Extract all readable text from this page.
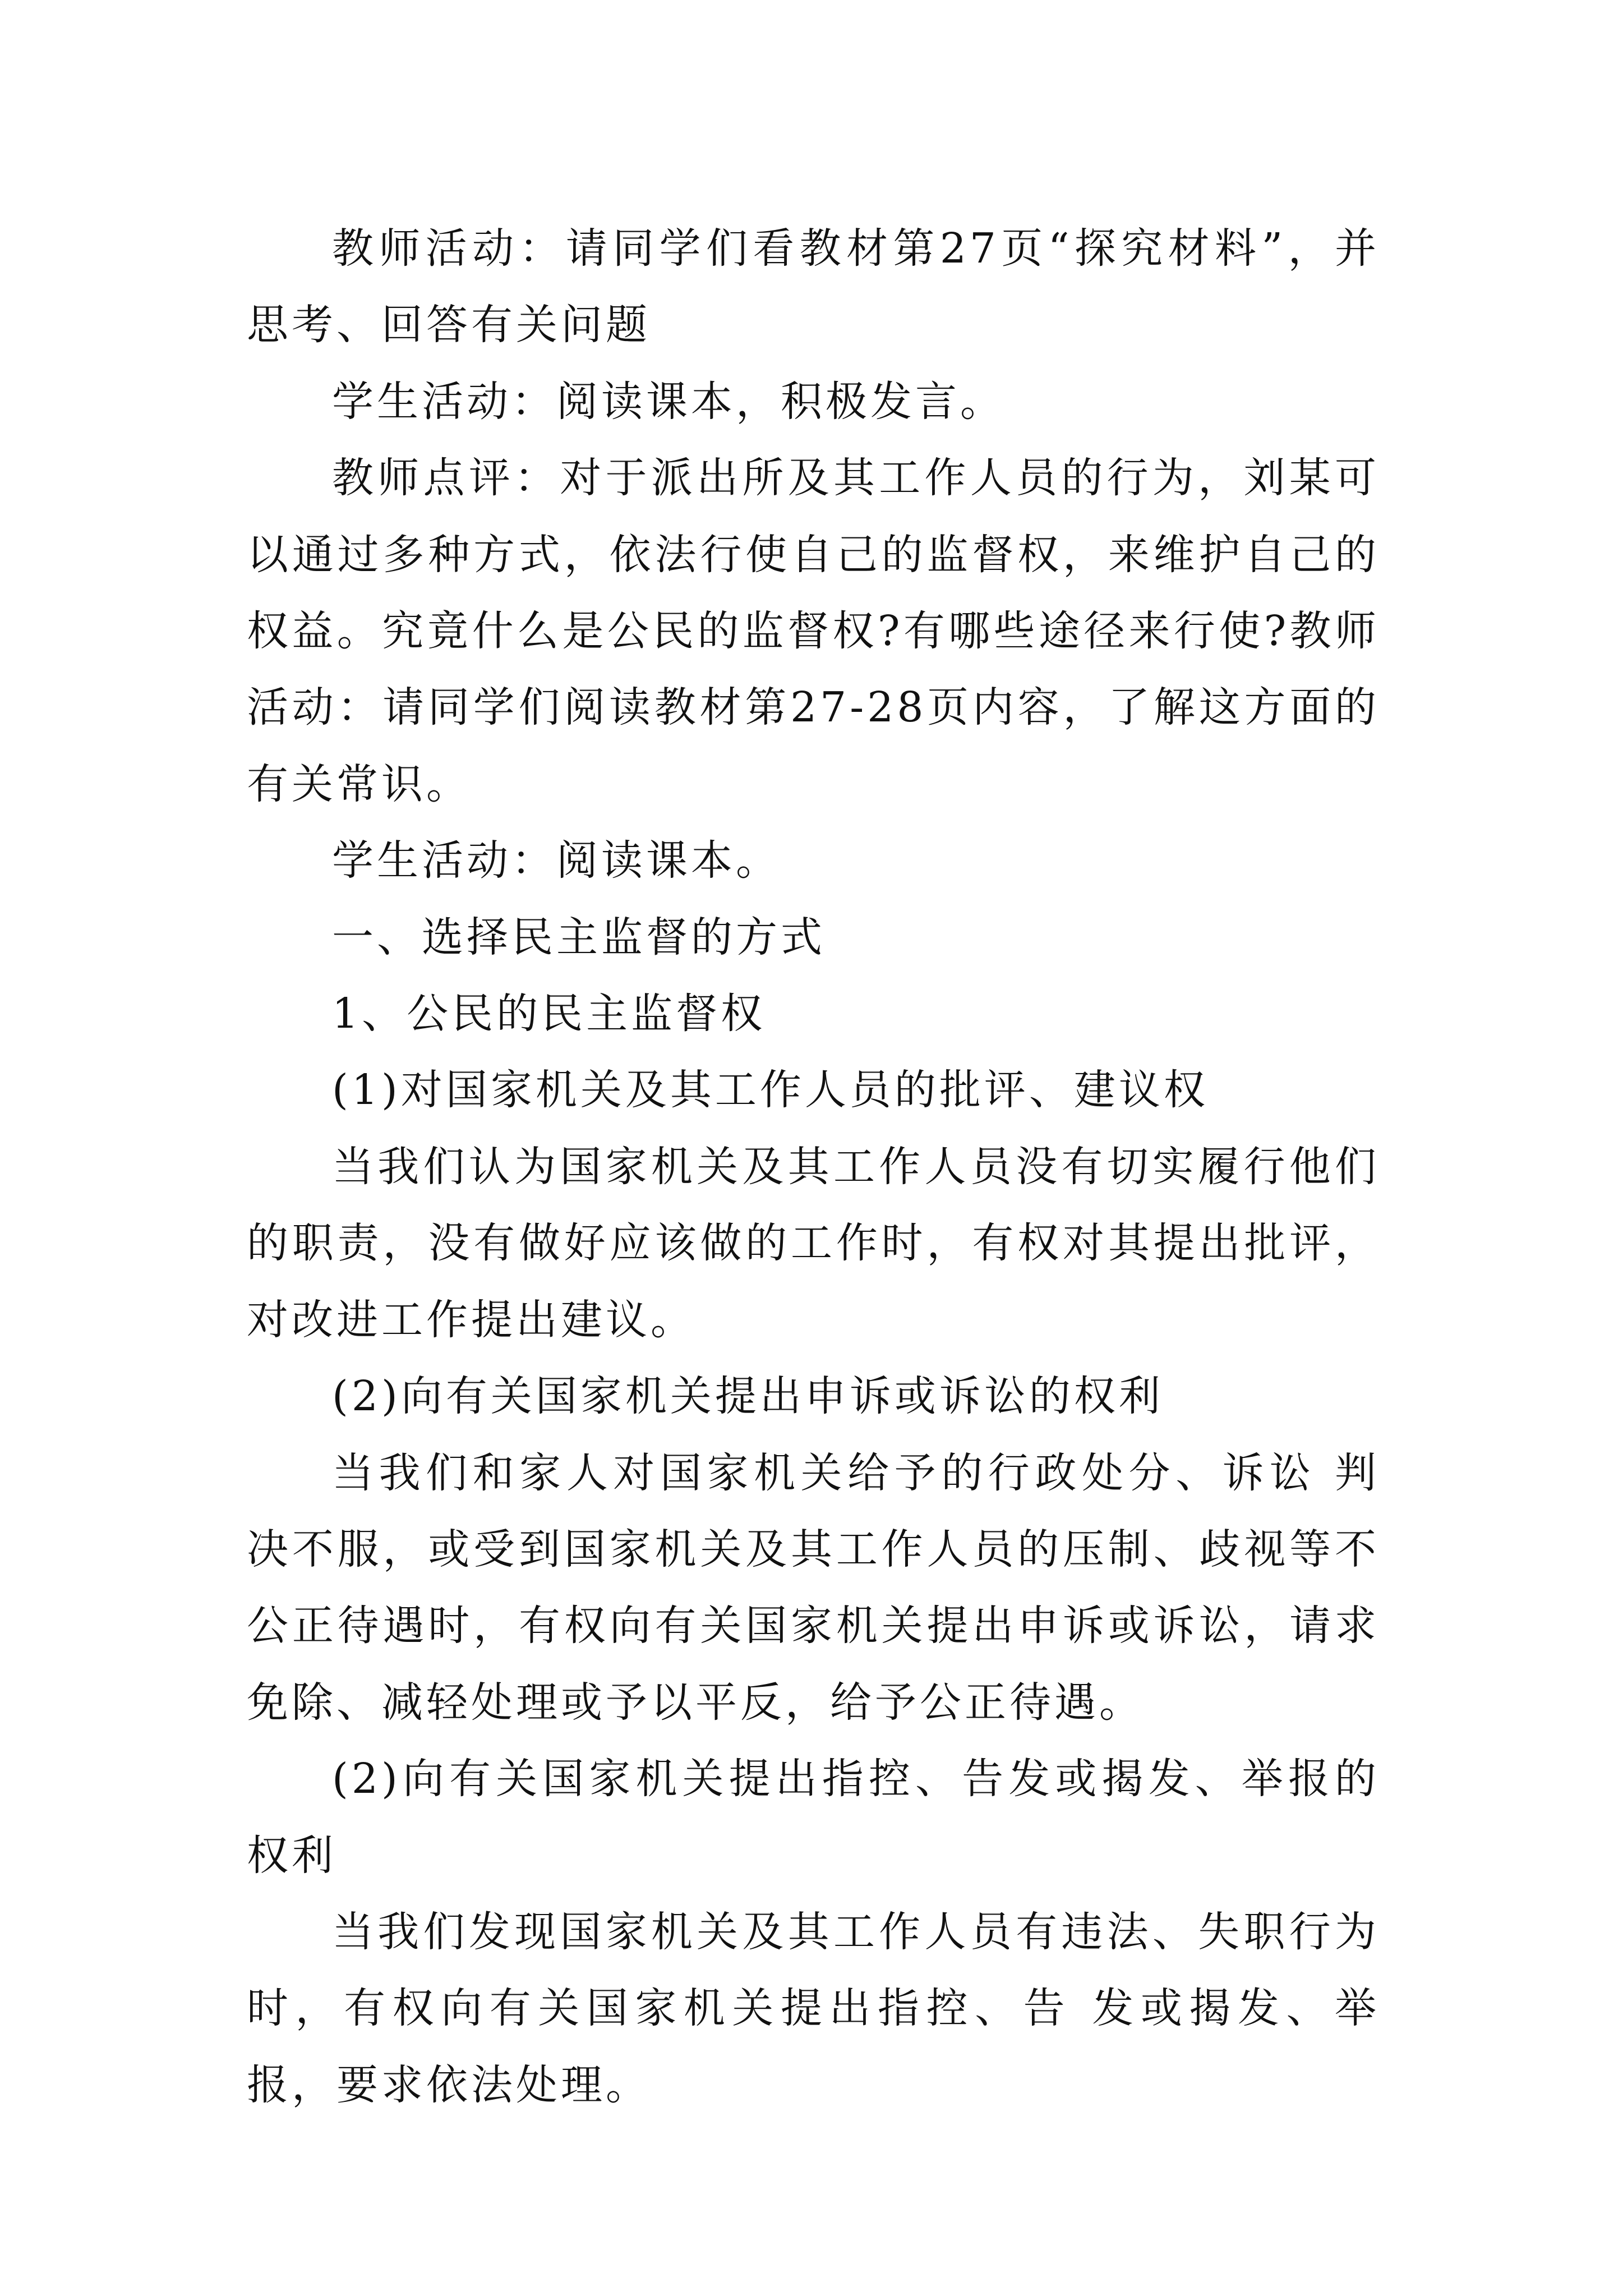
教师活动：请同学们看教材第27页“探究材料”，并思考、回答有关问题

学生活动：阅读课本，积极发言。

教师点评：对于派出所及其工作人员的行为，刘某可以通过多种方式，依法行使自己的监督权，来维护自己的权益。究竟什么是公民的监督权?有哪些途径来行使?教师活动：请同学们阅读教材第27-28页内容，了解这方面的有关常识。

学生活动：阅读课本。

一、选择民主监督的方式

1、公民的民主监督权

(1)对国家机关及其工作人员的批评、建议权

当我们认为国家机关及其工作人员没有切实履行他们的职责，没有做好应该做的工作时，有权对其提出批评，对改进工作提出建议。

(2)向有关国家机关提出申诉或诉讼的权利

当我们和家人对国家机关给予的行政处分、诉讼 判 决不服，或受到国家机关及其工作人员的压制、歧视等不公正待遇时，有权向有关国家机关提出申诉或诉讼，请求免除、减轻处理或予以平反，给予公正待遇。

(2)向有关国家机关提出指控、告发或揭发、举报的权利

当我们发现国家机关及其工作人员有违法、失职行为时，有权向有关国家机关提出指控、告 发或揭发、举报，要求依法处理。
